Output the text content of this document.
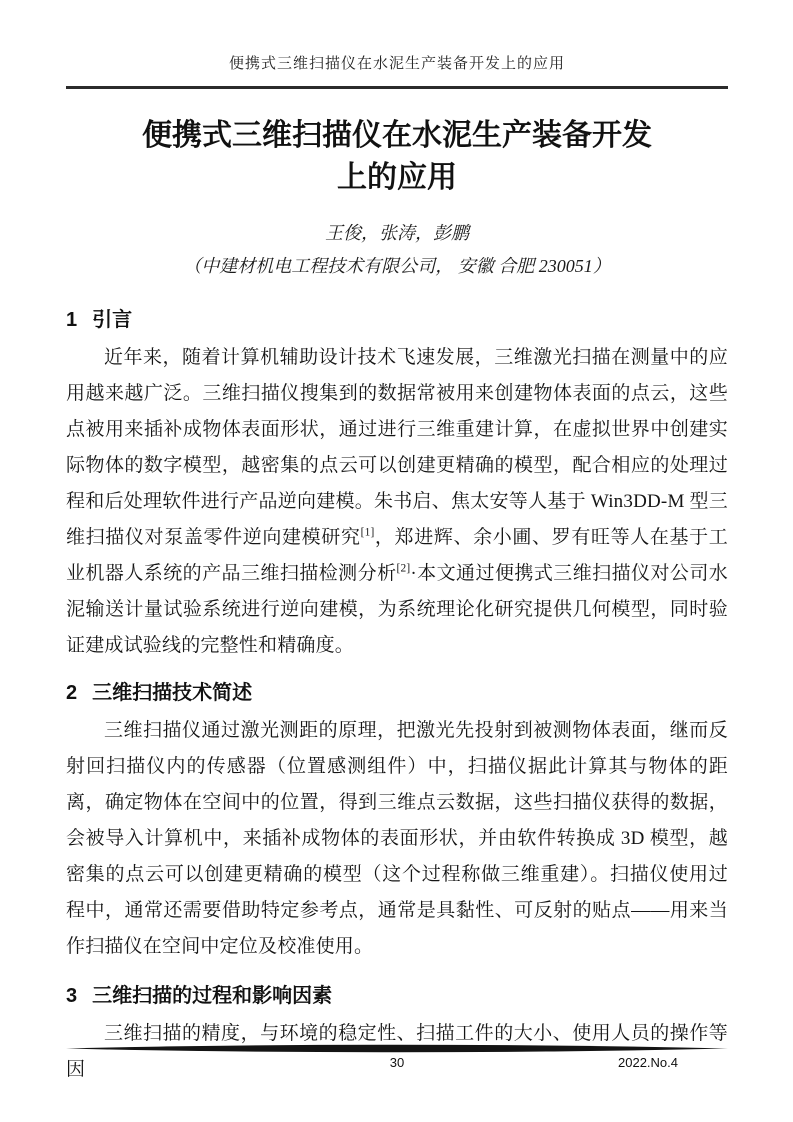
便携式三维扫描仪在水泥生产装备开发上的应用
便携式三维扫描仪在水泥生产装备开发
上的应用
王俊，张涛，彭鹏
（中建材机电工程技术有限公司， 安徽 合肥 230051）
1 引言

近年来，随着计算机辅助设计技术飞速发展，三维激光扫描在测量中的应用越来越广泛。三维扫描仪搜集到的数据常被用来创建物体表面的点云，这些点被用来插补成物体表面形状，通过进行三维重建计算，在虚拟世界中创建实际物体的数字模型，越密集的点云可以创建更精确的模型，配合相应的处理过程和后处理软件进行产品逆向建模。朱书启、焦太安等人基于 Win3DD-M 型三维扫描仪对泵盖零件逆向建模研究[1]，郑进辉、余小圃、罗有旺等人在基于工业机器人系统的产品三维扫描检测分析[2]·本文通过便携式三维扫描仪对公司水泥输送计量试验系统进行逆向建模，为系统理论化研究提供几何模型，同时验证建成试验线的完整性和精确度。

2 三维扫描技术简述

三维扫描仪通过激光测距的原理，把激光先投射到被测物体表面，继而反射回扫描仪内的传感器（位置感测组件）中，扫描仪据此计算其与物体的距离，确定物体在空间中的位置，得到三维点云数据，这些扫描仪获得的数据，会被导入计算机中，来插补成物体的表面形状，并由软件转换成 3D 模型，越密集的点云可以创建更精确的模型（这个过程称做三维重建）。扫描仪使用过程中，通常还需要借助特定参考点，通常是具黏性、可反射的贴点——用来当作扫描仪在空间中定位及校准使用。

3 三维扫描的过程和影响因素

三维扫描的精度，与环境的稳定性、扫描工件的大小、使用人员的操作等因	30	2022.No.4
